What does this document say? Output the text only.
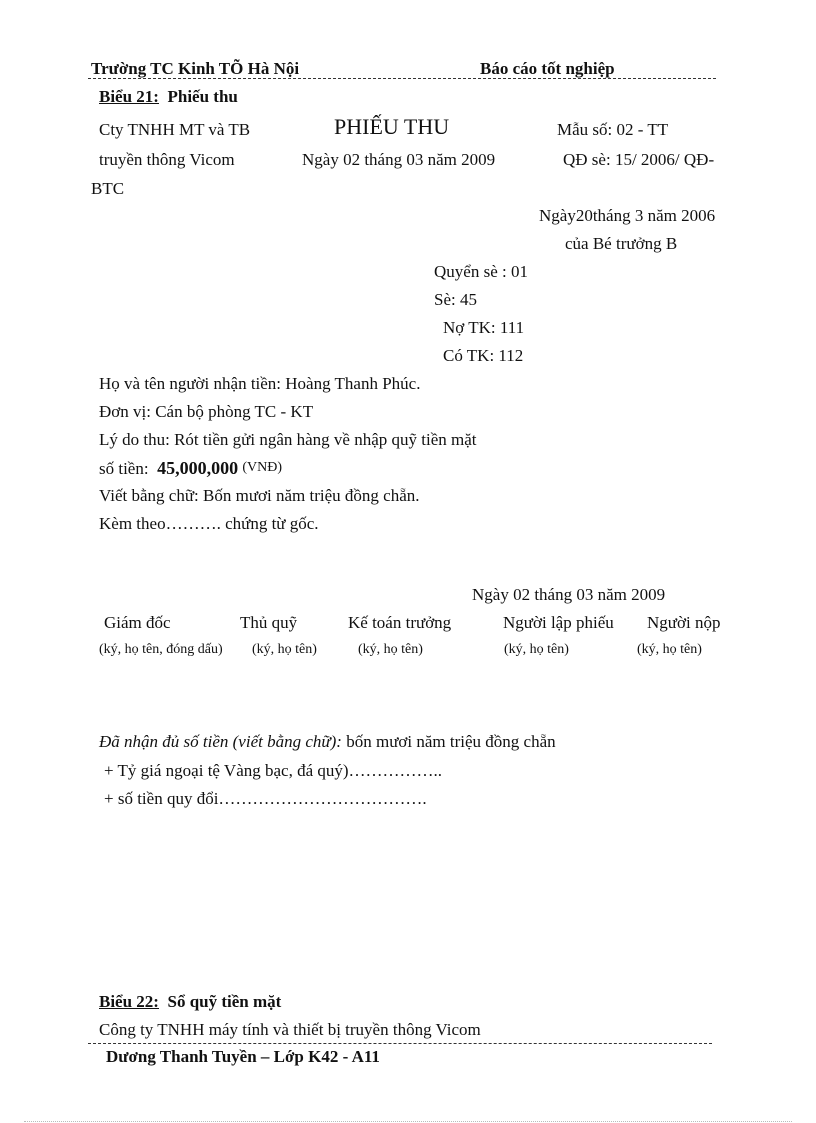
Trường TC Kinh TÕ Hà Nội	Báo cáo tốt nghiệp
Biểu 21: Phiếu thu
Cty TNHH MT và TB
truyền thông Vicom
PHIẾU THU
Ngày 02 tháng 03 năm 2009
Mẫu số: 02 - TT
QĐ sè: 15/ 2006/ QĐ-
BTC
Ngày20tháng 3 năm 2006
của Bé trưởng B
Quyển sè : 01
Sè: 45
Nợ TK: 111
Có TK: 112
Họ và tên người nhận tiền: Hoàng Thanh Phúc.
Đơn vị: Cán bộ phòng TC - KT
Lý do thu: Rót tiền gửi ngân hàng về nhập quỹ tiền mặt
số tiền: 45,000,000 (VNĐ)
Viết bằng chữ: Bốn mươi năm triệu đồng chẵn.
Kèm theo………. chứng từ gốc.
Ngày 02 tháng 03 năm 2009
Giám đốc	Thủ quỹ	Kế toán trưởng	Người lập phiếu Người nộp
(ký, họ tên, đóng dấu) (ký, họ tên)	(ký, họ tên)	(ký, họ tên)	(ký, họ tên)
Đã nhận đủ số tiền (viết bằng chữ): bốn mươi năm triệu đồng chẵn
+ Tỷ giá ngoại tệ Vàng bạc, đá quý)……………..
+ số tiền quy đổi……………………………….
Biểu 22: Sổ quỹ tiền mặt
Công ty TNHH máy tính và thiết bị truyền thông Vicom
Dương Thanh Tuyền – Lớp K42 - A11
